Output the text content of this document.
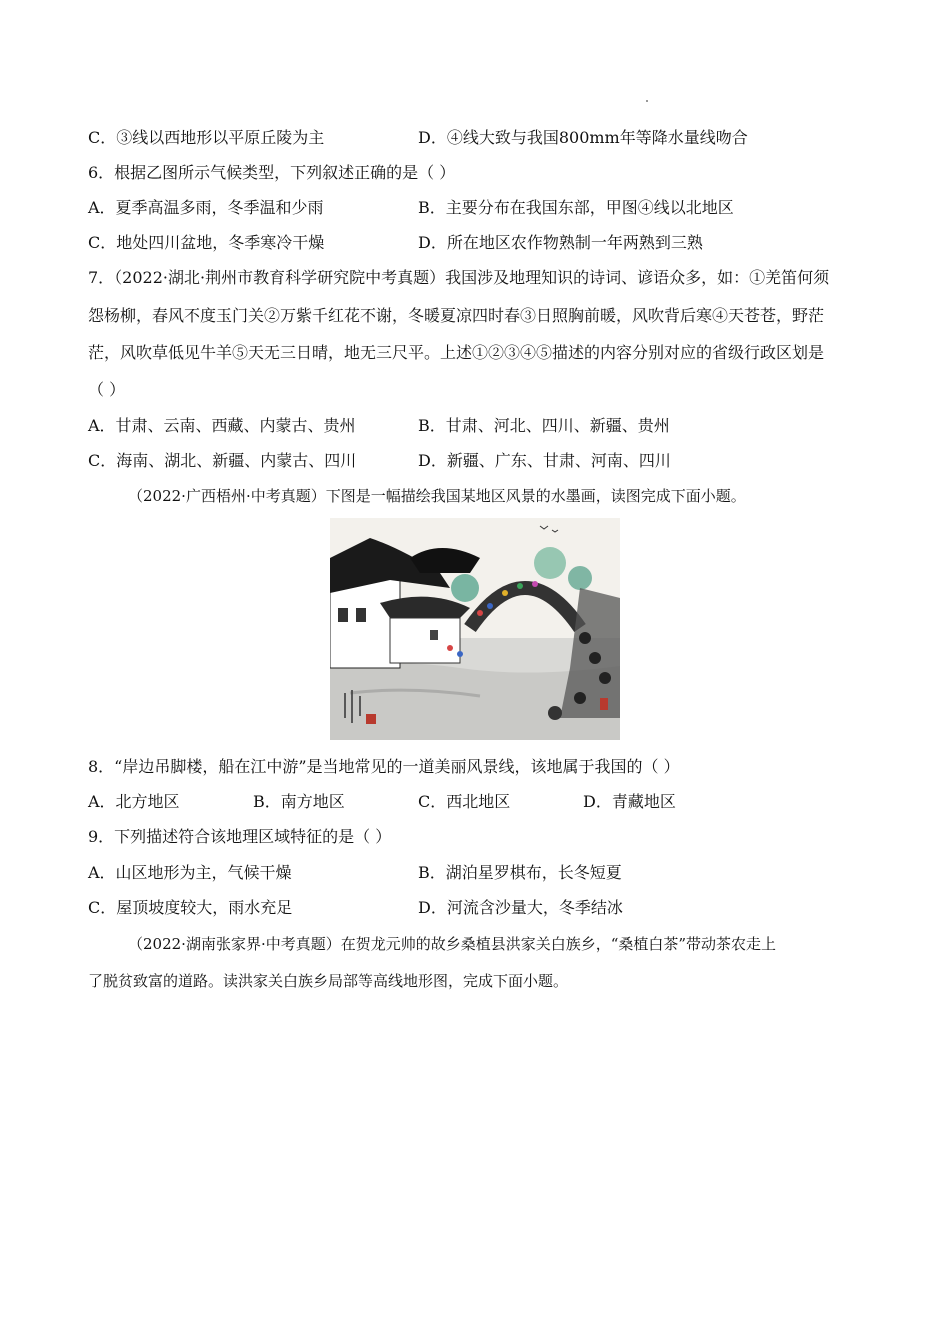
C．③线以西地形以平原丘陵为主	D．④线大致与我国800mm年等降水量线吻合
6．根据乙图所示气候类型，下列叙述正确的是（ ）
A．夏季高温多雨，冬季温和少雨	B．主要分布在我国东部，甲图④线以北地区
C．地处四川盆地，冬季寒冷干燥	D．所在地区农作物熟制一年两熟到三熟
7．（2022·湖北·荆州市教育科学研究院中考真题）我国涉及地理知识的诗词、谚语众多，如：①羌笛何须
怨杨柳，春风不度玉门关②万紫千红花不谢，冬暖夏凉四时春③日照胸前暖，风吹背后寒④天苍苍，野茫
茫，风吹草低见牛羊⑤天无三日晴，地无三尺平。上述①②③④⑤描述的内容分别对应的省级行政区划是
（ ）
A．甘肃、云南、西藏、内蒙古、贵州	B．甘肃、河北、四川、新疆、贵州
C．海南、湖北、新疆、内蒙古、四川	D．新疆、广东、甘肃、河南、四川
（2022·广西梧州·中考真题）下图是一幅描绘我国某地区风景的水墨画，读图完成下面小题。
8．“岸边吊脚楼，船在江中游”是当地常见的一道美丽风景线，该地属于我国的（ ）
A．北方地区	B．南方地区	C．西北地区	D．青藏地区
9．下列描述符合该地理区域特征的是（ ）
A．山区地形为主，气候干燥	B．湖泊星罗棋布，长冬短夏
C．屋顶坡度较大，雨水充足	D．河流含沙量大，冬季结冰
（2022·湖南张家界·中考真题）在贺龙元帅的故乡桑植县洪家关白族乡，“桑植白茶”带动茶农走上
了脱贫致富的道路。读洪家关白族乡局部等高线地形图，完成下面小题。
